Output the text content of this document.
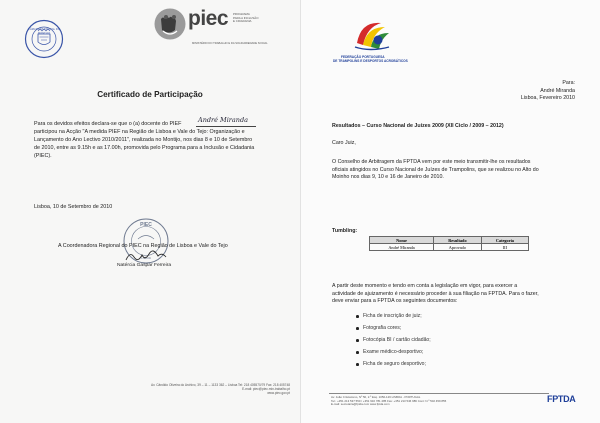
CÂMARA MUNICIPAL DO MONTIJO
piec PROGRAMA
PARA A INCLUSÃO
E CIDADANIA
MINISTÉRIO DO TRABALHO E DA SOLIDARIEDADE SOCIAL
Certificado de Participação
Para os devidos efeitos declara-se que o (a) docente do PIEF
participou na Acção "A medida PIEF na Região de Lisboa e Vale do Tejo: Organização e
Lançamento do Ano Lectivo 2010/2011", realizada no Montijo, nos dias 8 e 10 de Setembro
de 2010, entre as 9.15h e as 17.00h, promovida pelo Programa para a Inclusão e Cidadania
(PIEC).
André Miranda
Lisboa, 10 de Setembro de 2010
PIEC
Lisboa
A Coordenadora Regional do PIEC na Região de Lisboa e Vale do Tejo
Natércia Gaspar Ferreira
Av. Cândido Oliveira do Archivo, 39 – 11 – 1133 362 – Lisboa Tel: 218 405570/79 Fax: 218 405748
E-mail: piec@piec.min-trabalho.pt
www.piec.gov.pt
FEDERAÇÃO PORTUGUESA
DE TRAMPOLINS E DESPORTOS ACROBÁTICOS
Para:
André Miranda
Lisboa, Fevereiro 2010
Resultados – Curso Nacional de Juízes 2009 (XII Ciclo / 2009 – 2012)
Caro Juiz,
O Conselho de Arbitragem da FPTDA vem por este meio transmitir-lhe os resultados
oficiais atingidos no Curso Nacional de Juízes de Trampolins, que se realizou no Alto do
Moinho nos dias 9, 10 e 16 de Janeiro de 2010.
Tumbling:
Nome	Resultado	Categoria
André Miranda	Aprovado	III
A partir deste momento e tendo em conta a legislação em vigor, para exercer a
actividade de ajuizamento é necessário proceder à sua filiação na FPTDA. Para o fazer,
deve enviar para a FPTDA os seguintes documentos:
Ficha de inscrição de juiz;
Fotografia cores;
Fotocópia BI / cartão cidadão;
Exame médico-desportivo;
Ficha de seguro desportivo;
Av. João Crisóstomo, Nº 50, 2.º Esq. 1050-126 LISBOA - PORTUGAL
Tel.: +351 213 537 550 / +351 916 781 285 Fax: +351 213 546 986 Cont: N.º 502 459 855
E-mail: secretaria@fptda.com www.fptda.com
FPTDA
